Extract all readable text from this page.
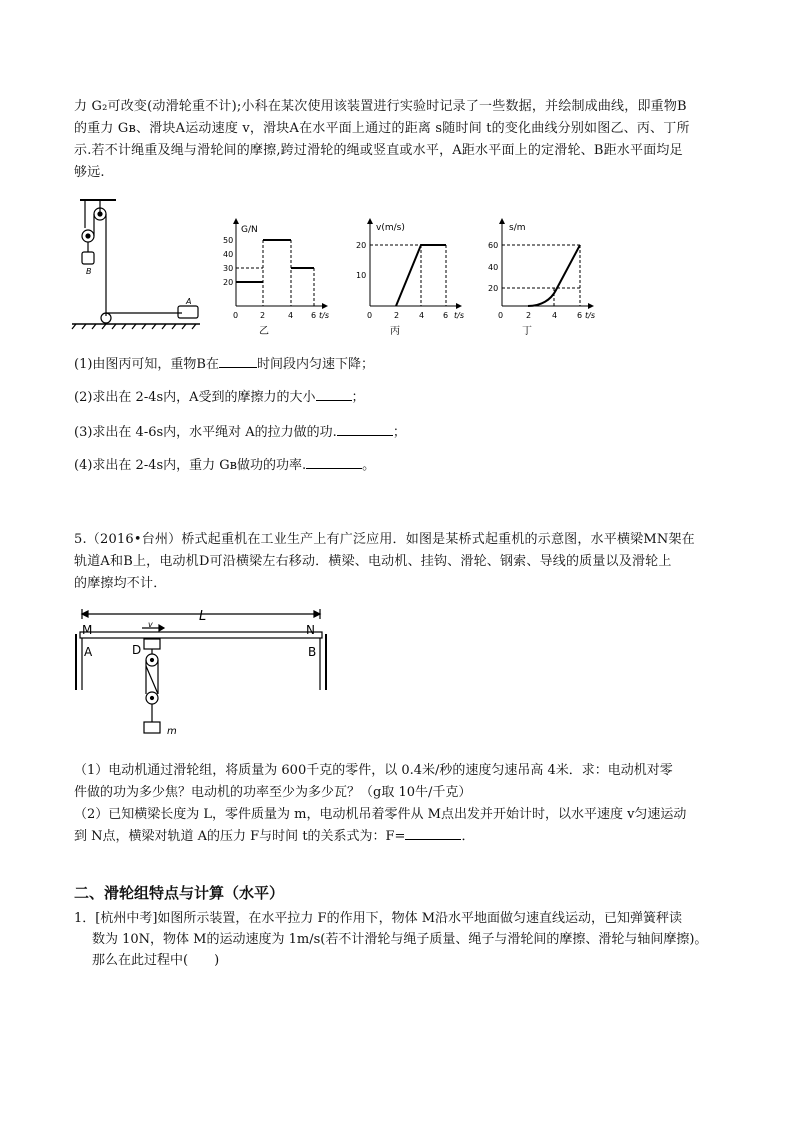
力 G₂可改变(动滑轮重不计);小科在某次使用该装置进行实验时记录了一些数据，并绘制成曲线，即重物B
的重力 Gʙ、滑块A运动速度 v，滑块A在水平面上通过的距离 s随时间 t的变化曲线分别如图乙、丙、丁所
示.若不计绳重及绳与滑轮间的摩擦,跨过滑轮的绳或竖直或水平，A距水平面上的定滑轮、B距水平面均足
够远.
B
A
G/N
t/s
0	2	4 6
20
30
40
50
乙
v(m/s)
t/s
0	2 4 6
10
20
丙
s/m
t/s
0	2	4 6
20
40
60
丁
(1)由图丙可知，重物B在	时间段内匀速下降；
(2)求出在 2-4s内，A受到的摩擦力的大小	；
(3)求出在 4-6s内，水平绳对 A的拉力做的功.	；
(4)求出在 2-4s内，重力 Gʙ做功的功率.	。
5.（2016•台州）桥式起重机在工业生产上有广泛应用．如图是某桥式起重机的示意图，水平横梁MN架在
轨道A和B上，电动机D可沿横梁左右移动．横梁、电动机、挂钩、滑轮、钢索、导线的质量以及滑轮上
的摩擦均不计．
L
M	N
A	B
D
v
m
（1）电动机通过滑轮组，将质量为 600千克的零件，以 0.4米/秒的速度匀速吊高 4米．求：电动机对零
件做的功为多少焦？电动机的功率至少为多少瓦？（g取 10牛/千克）
（2）已知横梁长度为 L，零件质量为 m，电动机吊着零件从 M点出发并开始计时，以水平速度 v匀速运动
到 N点，横梁对轨道 A的压力 F与时间 t的关系式为：F=	．
二、滑轮组特点与计算（水平）
1．[杭州中考]如图所示装置，在水平拉力 F的作用下，物体 M沿水平地面做匀速直线运动，已知弹簧秤读
数为 10N，物体 M的运动速度为 1m/s(若不计滑轮与绳子质量、绳子与滑轮间的摩擦、滑轮与轴间摩擦)。
那么在此过程中(　　)
